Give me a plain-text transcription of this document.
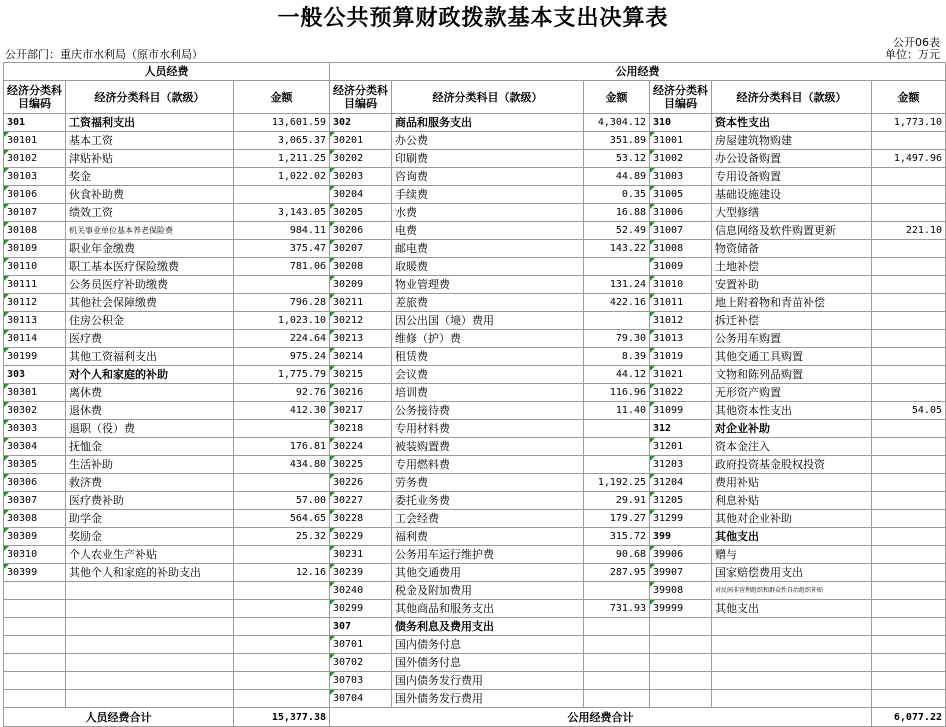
一般公共预算财政拨款基本支出决算表
公开06表
公开部门：重庆市水利局（原市水利局）	单位：万元
人员经费			公用经费					
经济分类科目编码	经济分类科目（款级）	金额	经济分类科目编码	经济分类科目（款级）	金额	经济分类科目编码	经济分类科目（款级）	金额
301	工资福利支出	13,601.59	302	商品和服务支出	4,304.12	310	资本性支出	1,773.10
30101	基本工资	3,065.37	30201	办公费	351.89	31001	房屋建筑物购建	
30102	津贴补贴	1,211.25	30202	印刷费	53.12	31002	办公设备购置	1,497.96
30103	奖金	1,022.02	30203	咨询费	44.89	31003	专用设备购置	
30106	伙食补助费		30204	手续费	0.35	31005	基础设施建设	
30107	绩效工资	3,143.05	30205	水费	16.88	31006	大型修缮	
30108	机关事业单位基本养老保险费	984.11	30206	电费	52.49	31007	信息网络及软件购置更新	221.10
30109	职业年金缴费	375.47	30207	邮电费	143.22	31008	物资储备	
30110	职工基本医疗保险缴费	781.06	30208	取暖费		31009	土地补偿	
30111	公务员医疗补助缴费		30209	物业管理费	131.24	31010	安置补助	
30112	其他社会保障缴费	796.28	30211	差旅费	422.16	31011	地上附着物和青苗补偿	
30113	住房公积金	1,023.10	30212	因公出国（境）费用		31012	拆迁补偿	
30114	医疗费	224.64	30213	维修（护）费	79.30	31013	公务用车购置	
30199	其他工资福利支出	975.24	30214	租赁费	8.39	31019	其他交通工具购置	
303	对个人和家庭的补助	1,775.79	30215	会议费	44.12	31021	文物和陈列品购置	
30301	离休费	92.76	30216	培训费	116.96	31022	无形资产购置	
30302	退休费	412.30	30217	公务接待费	11.40	31099	其他资本性支出	54.05
30303	退职（役）费		30218	专用材料费		312	对企业补助	
30304	抚恤金	176.81	30224	被装购置费		31201	资本金注入	
30305	生活补助	434.80	30225	专用燃料费		31203	政府投资基金股权投资	
30306	救济费		30226	劳务费	1,192.25	31204	费用补贴	
30307	医疗费补助	57.00	30227	委托业务费	29.91	31205	利息补贴	
30308	助学金	564.65	30228	工会经费	179.27	31299	其他对企业补助	
30309	奖励金	25.32	30229	福利费	315.72	399	其他支出	
30310	个人农业生产补贴		30231	公务用车运行维护费	90.68	39906	赠与	
30399	其他个人和家庭的补助支出	12.16	30239	其他交通费用	287.95	39907	国家赔偿费用支出	
			30240	税金及附加费用		39908	对民间非营利组织和群众性自治组织补贴	
			30299	其他商品和服务支出	731.93	39999	其他支出	
			307	债务利息及费用支出				
			30701	国内债务付息				
			30702	国外债务付息				
			30703	国内债务发行费用				
			30704	国外债务发行费用				
人员经费合计		15,377.38	公用经费合计					6,077.22
